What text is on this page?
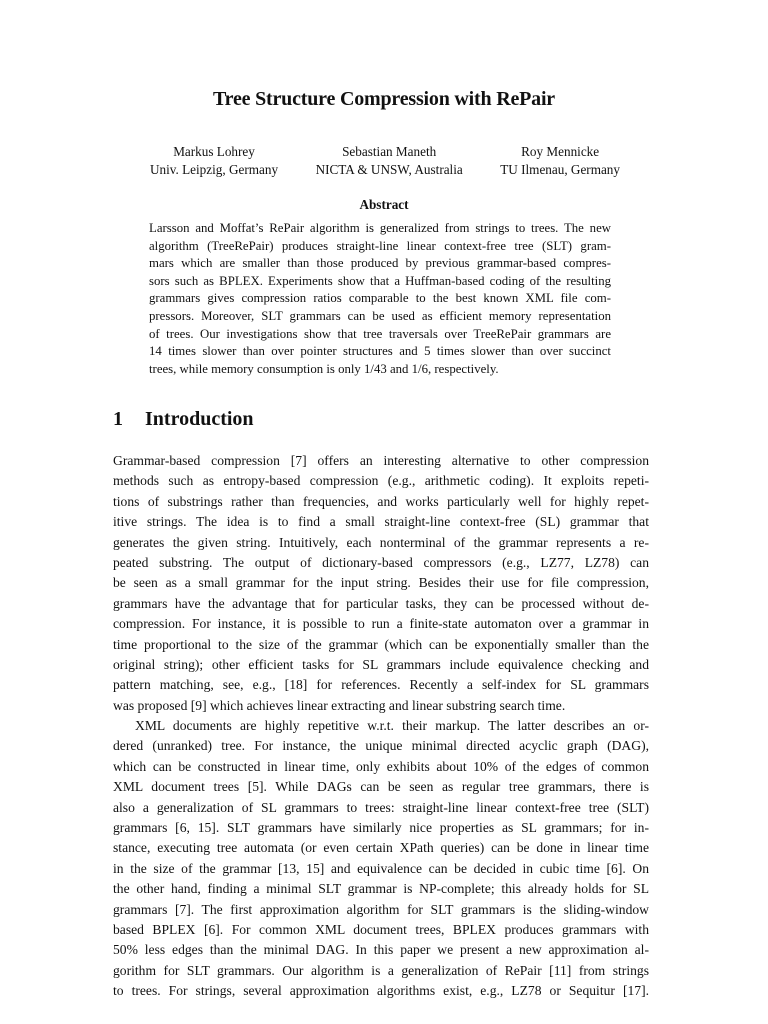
Tree Structure Compression with RePair
Markus Lohrey
Univ. Leipzig, Germany
Sebastian Maneth
NICTA & UNSW, Australia
Roy Mennicke
TU Ilmenau, Germany
Abstract
Larsson and Moffat’s RePair algorithm is generalized from strings to trees. The new
algorithm (TreeRePair) produces straight-line linear context-free tree (SLT) gram-
mars which are smaller than those produced by previous grammar-based compres-
sors such as BPLEX. Experiments show that a Huffman-based coding of the resulting
grammars gives compression ratios comparable to the best known XML file com-
pressors. Moreover, SLT grammars can be used as efficient memory representation
of trees. Our investigations show that tree traversals over TreeRePair grammars are
14 times slower than over pointer structures and 5 times slower than over succinct
trees, while memory consumption is only 1/43 and 1/6, respectively.
1 Introduction
Grammar-based compression [7] offers an interesting alternative to other compression
methods such as entropy-based compression (e.g., arithmetic coding). It exploits repeti-
tions of substrings rather than frequencies, and works particularly well for highly repet-
itive strings. The idea is to find a small straight-line context-free (SL) grammar that
generates the given string. Intuitively, each nonterminal of the grammar represents a re-
peated substring. The output of dictionary-based compressors (e.g., LZ77, LZ78) can
be seen as a small grammar for the input string. Besides their use for file compression,
grammars have the advantage that for particular tasks, they can be processed without de-
compression. For instance, it is possible to run a finite-state automaton over a grammar in
time proportional to the size of the grammar (which can be exponentially smaller than the
original string); other efficient tasks for SL grammars include equivalence checking and
pattern matching, see, e.g., [18] for references. Recently a self-index for SL grammars
was proposed [9] which achieves linear extracting and linear substring search time.
XML documents are highly repetitive w.r.t. their markup. The latter describes an or-
dered (unranked) tree. For instance, the unique minimal directed acyclic graph (DAG),
which can be constructed in linear time, only exhibits about 10% of the edges of common
XML document trees [5]. While DAGs can be seen as regular tree grammars, there is
also a generalization of SL grammars to trees: straight-line linear context-free tree (SLT)
grammars [6, 15]. SLT grammars have similarly nice properties as SL grammars; for in-
stance, executing tree automata (or even certain XPath queries) can be done in linear time
in the size of the grammar [13, 15] and equivalence can be decided in cubic time [6]. On
the other hand, finding a minimal SLT grammar is NP-complete; this already holds for SL
grammars [7]. The first approximation algorithm for SLT grammars is the sliding-window
based BPLEX [6]. For common XML document trees, BPLEX produces grammars with
50% less edges than the minimal DAG. In this paper we present a new approximation al-
gorithm for SLT grammars. Our algorithm is a generalization of RePair [11] from strings
to trees. For strings, several approximation algorithms exist, e.g., LZ78 or Sequitur [17].
